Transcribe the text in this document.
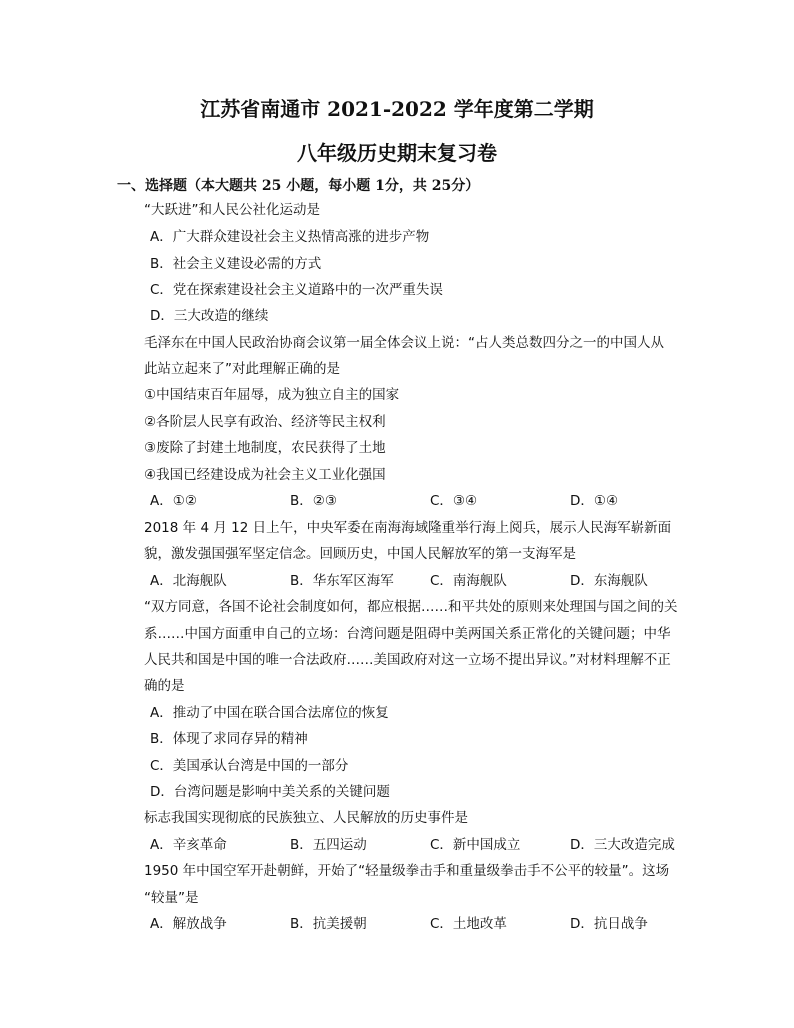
江苏省南通市 2021-2022 学年度第二学期
八年级历史期末复习卷
一、选择题（本大题共 25 小题，每小题 1分，共 25分）
“大跃进”和人民公社化运动是
A．广大群众建设社会主义热情高涨的进步产物
B．社会主义建设必需的方式
C．党在探索建设社会主义道路中的一次严重失误
D．三大改造的继续
毛泽东在中国人民政治协商会议第一届全体会议上说：“占人类总数四分之一的中国人从
此站立起来了”对此理解正确的是
①中国结束百年屈辱，成为独立自主的国家
②各阶层人民享有政治、经济等民主权利
③废除了封建土地制度，农民获得了土地
④我国已经建设成为社会主义工业化强国
A．①②	B．②③	C．③④	D．①④
2018 年 4 月 12 日上午，中央军委在南海海域隆重举行海上阅兵，展示人民海军崭新面
貌，激发强国强军坚定信念。回顾历史，中国人民解放军的第一支海军是
A．北海舰队	B．华东军区海军	C．南海舰队	D．东海舰队
“双方同意，各国不论社会制度如何，都应根据……和平共处的原则来处理国与国之间的关
系……中国方面重申自己的立场：台湾问题是阻碍中美两国关系正常化的关键问题；中华
人民共和国是中国的唯一合法政府……美国政府对这一立场不提出异议。”对材料理解不正
确的是
A．推动了中国在联合国合法席位的恢复
B．体现了求同存异的精神
C．美国承认台湾是中国的一部分
D．台湾问题是影响中美关系的关键问题
标志我国实现彻底的民族独立、人民解放的历史事件是
A．辛亥革命	B．五四运动	C．新中国成立	D．三大改造完成
1950 年中国空军开赴朝鲜，开始了“轻量级拳击手和重量级拳击手不公平的较量”。这场
“较量”是
A．解放战争	B．抗美援朝	C．土地改革	D．抗日战争
